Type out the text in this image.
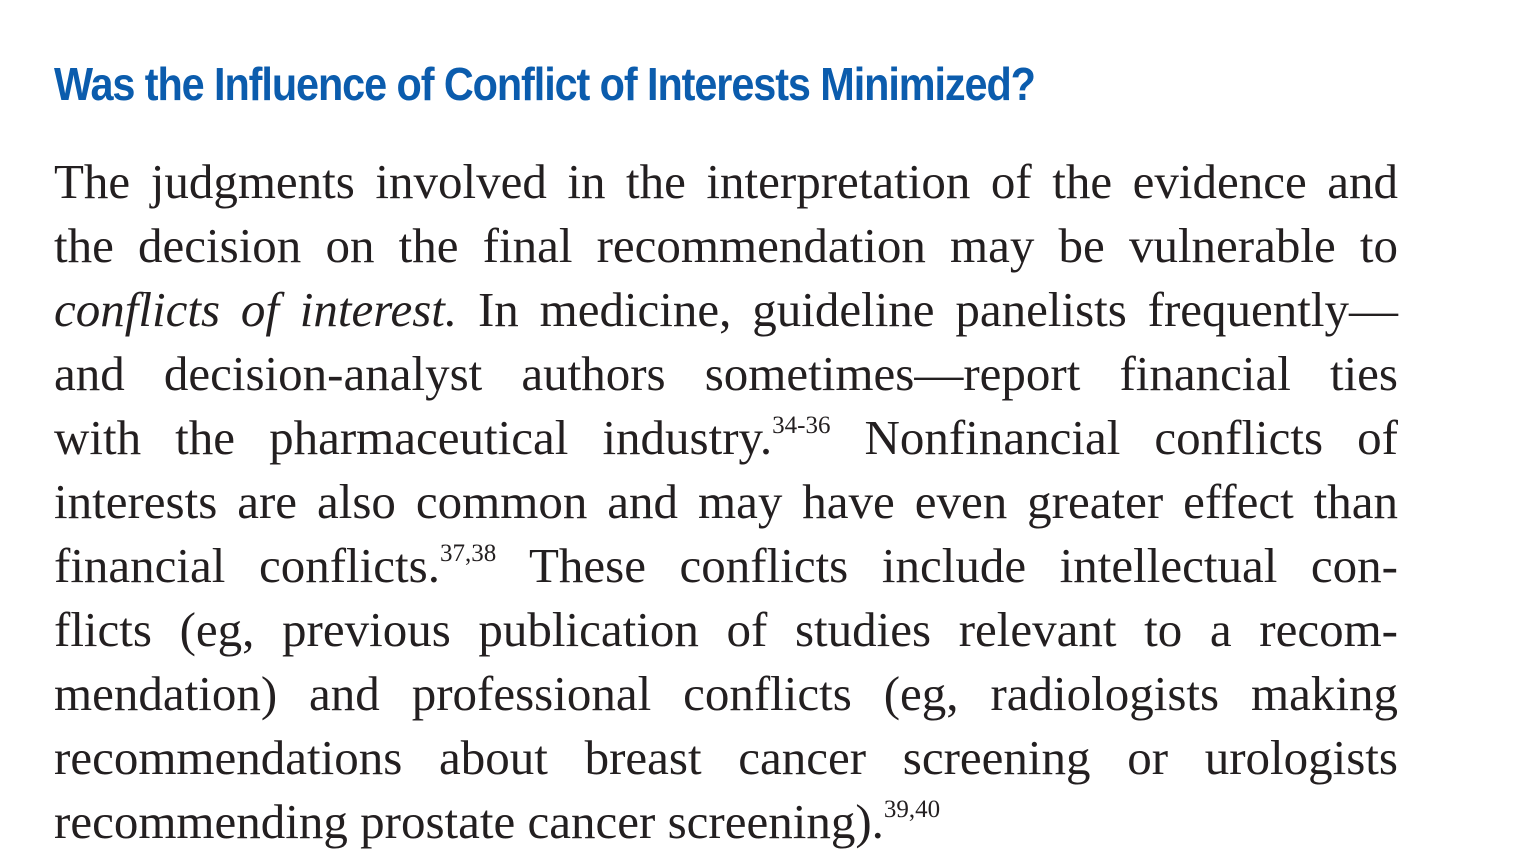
Was the Influence of Conflict of Interests Minimized?
The judgments involved in the interpretation of the evidence and
the decision on the final recommendation may be vulnerable to
conflicts of interest. In medicine, guideline panelists frequently—
and decision-analyst authors sometimes—report financial ties
with the pharmaceutical industry.$^{34-36}$ Nonfinancial conflicts of
interests are also common and may have even greater effect than
financial conflicts.$^{37,38}$ These conflicts include intellectual con-
flicts (eg, previous publication of studies relevant to a recom-
mendation) and professional conflicts (eg, radiologists making
recommendations about breast cancer screening or urologists
recommending prostate cancer screening).$^{39,40}$
